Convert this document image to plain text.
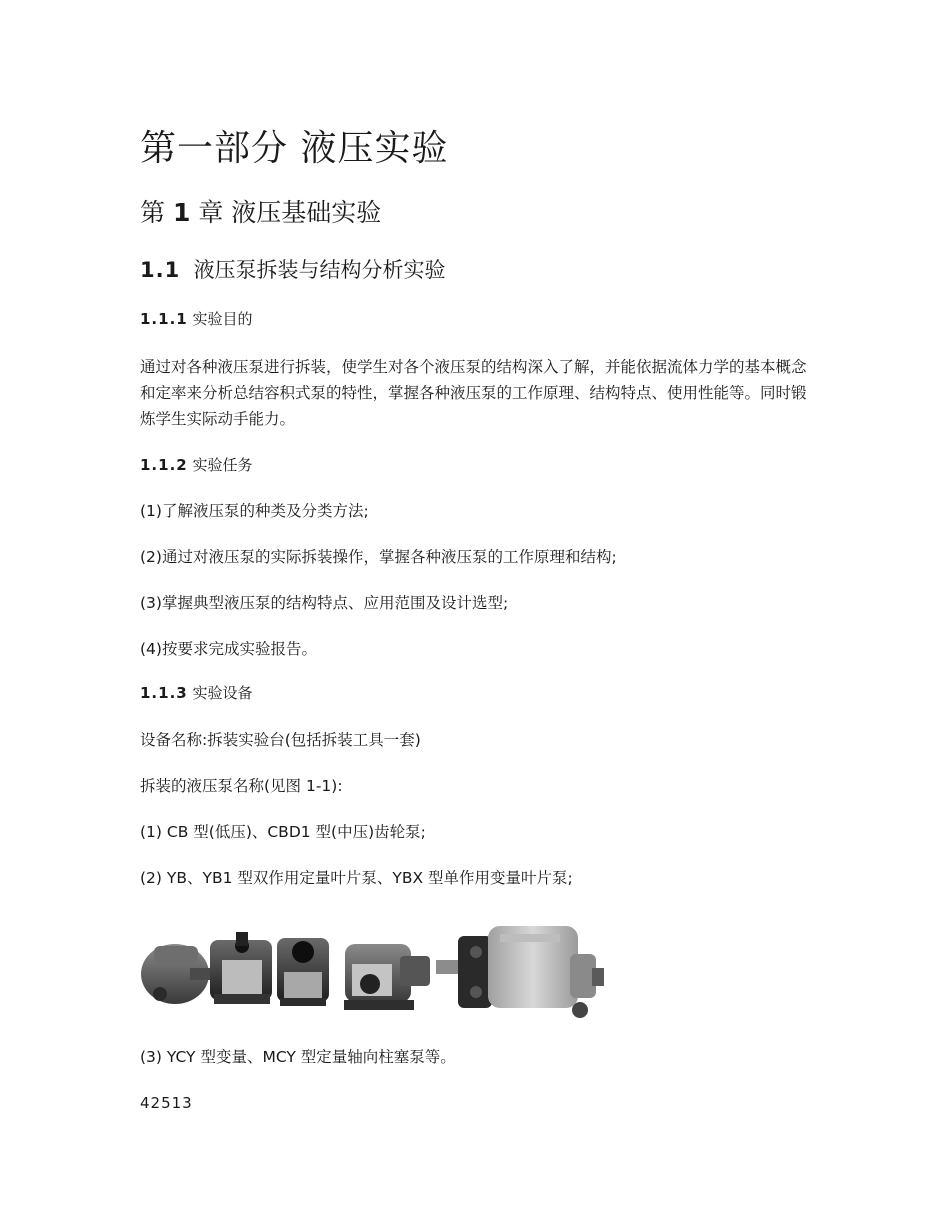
第一部分 液压实验
第 1 章 液压基础实验
1.1 液压泵拆装与结构分析实验
1.1.1 实验目的

通过对各种液压泵进行拆装，使学生对各个液压泵的结构深入了解，并能依据流体力学的基本概念和定率来分析总结容积式泵的特性，掌握各种液压泵的工作原理、结构特点、使用性能等。同时锻炼学生实际动手能力。

1.1.2 实验任务

(1)了解液压泵的种类及分类方法;

(2)通过对液压泵的实际拆装操作，掌握各种液压泵的工作原理和结构;

(3)掌握典型液压泵的结构特点、应用范围及设计选型;

(4)按要求完成实验报告。

1.1.3 实验设备

设备名称:拆装实验台(包括拆装工具一套)

拆装的液压泵名称(见图 1-1):

(1) CB 型(低压)、CBD1 型(中压)齿轮泵;

(2) YB、YB1 型双作用定量叶片泵、YBX 型单作用变量叶片泵;

(3) YCY 型变量、MCY 型定量轴向柱塞泵等。

42513
